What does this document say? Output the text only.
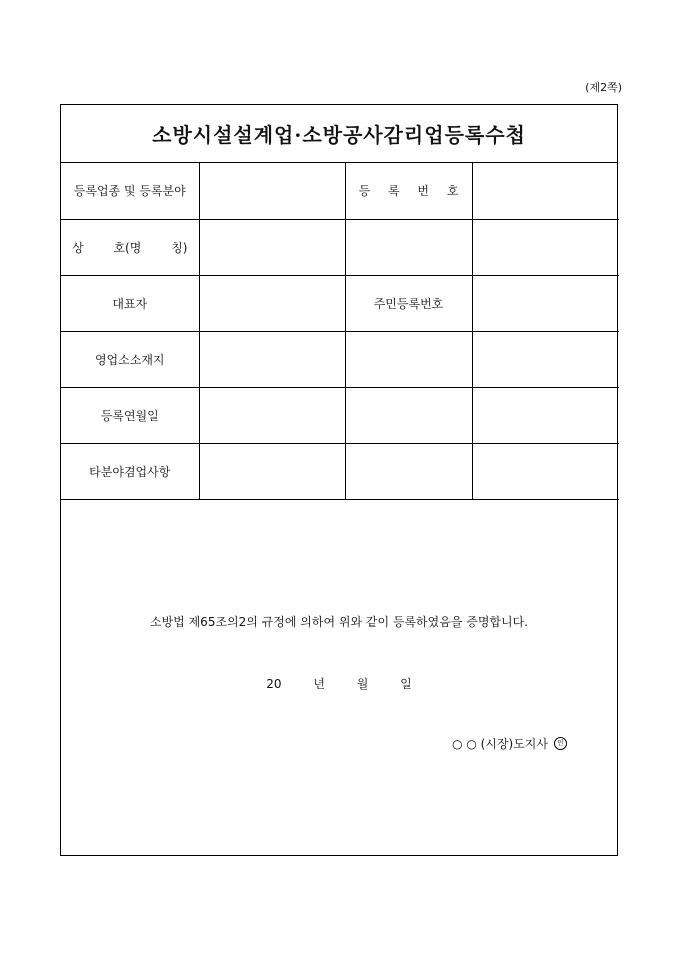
(제2쪽)
소방시설설계업·소방공사감리업등록수첩
등록업종 및 등록분야		등 록 번 호	
상 호(명 칭)			
대표자		주민등록번호	
영업소소재지			
등록연월일			
타분야겸업사항			
소방법 제65조의2의 규정에 의하여 위와 같이 등록하였음을 증명합니다.
20 년 월 일
○ ○ (시장)도지사	인
